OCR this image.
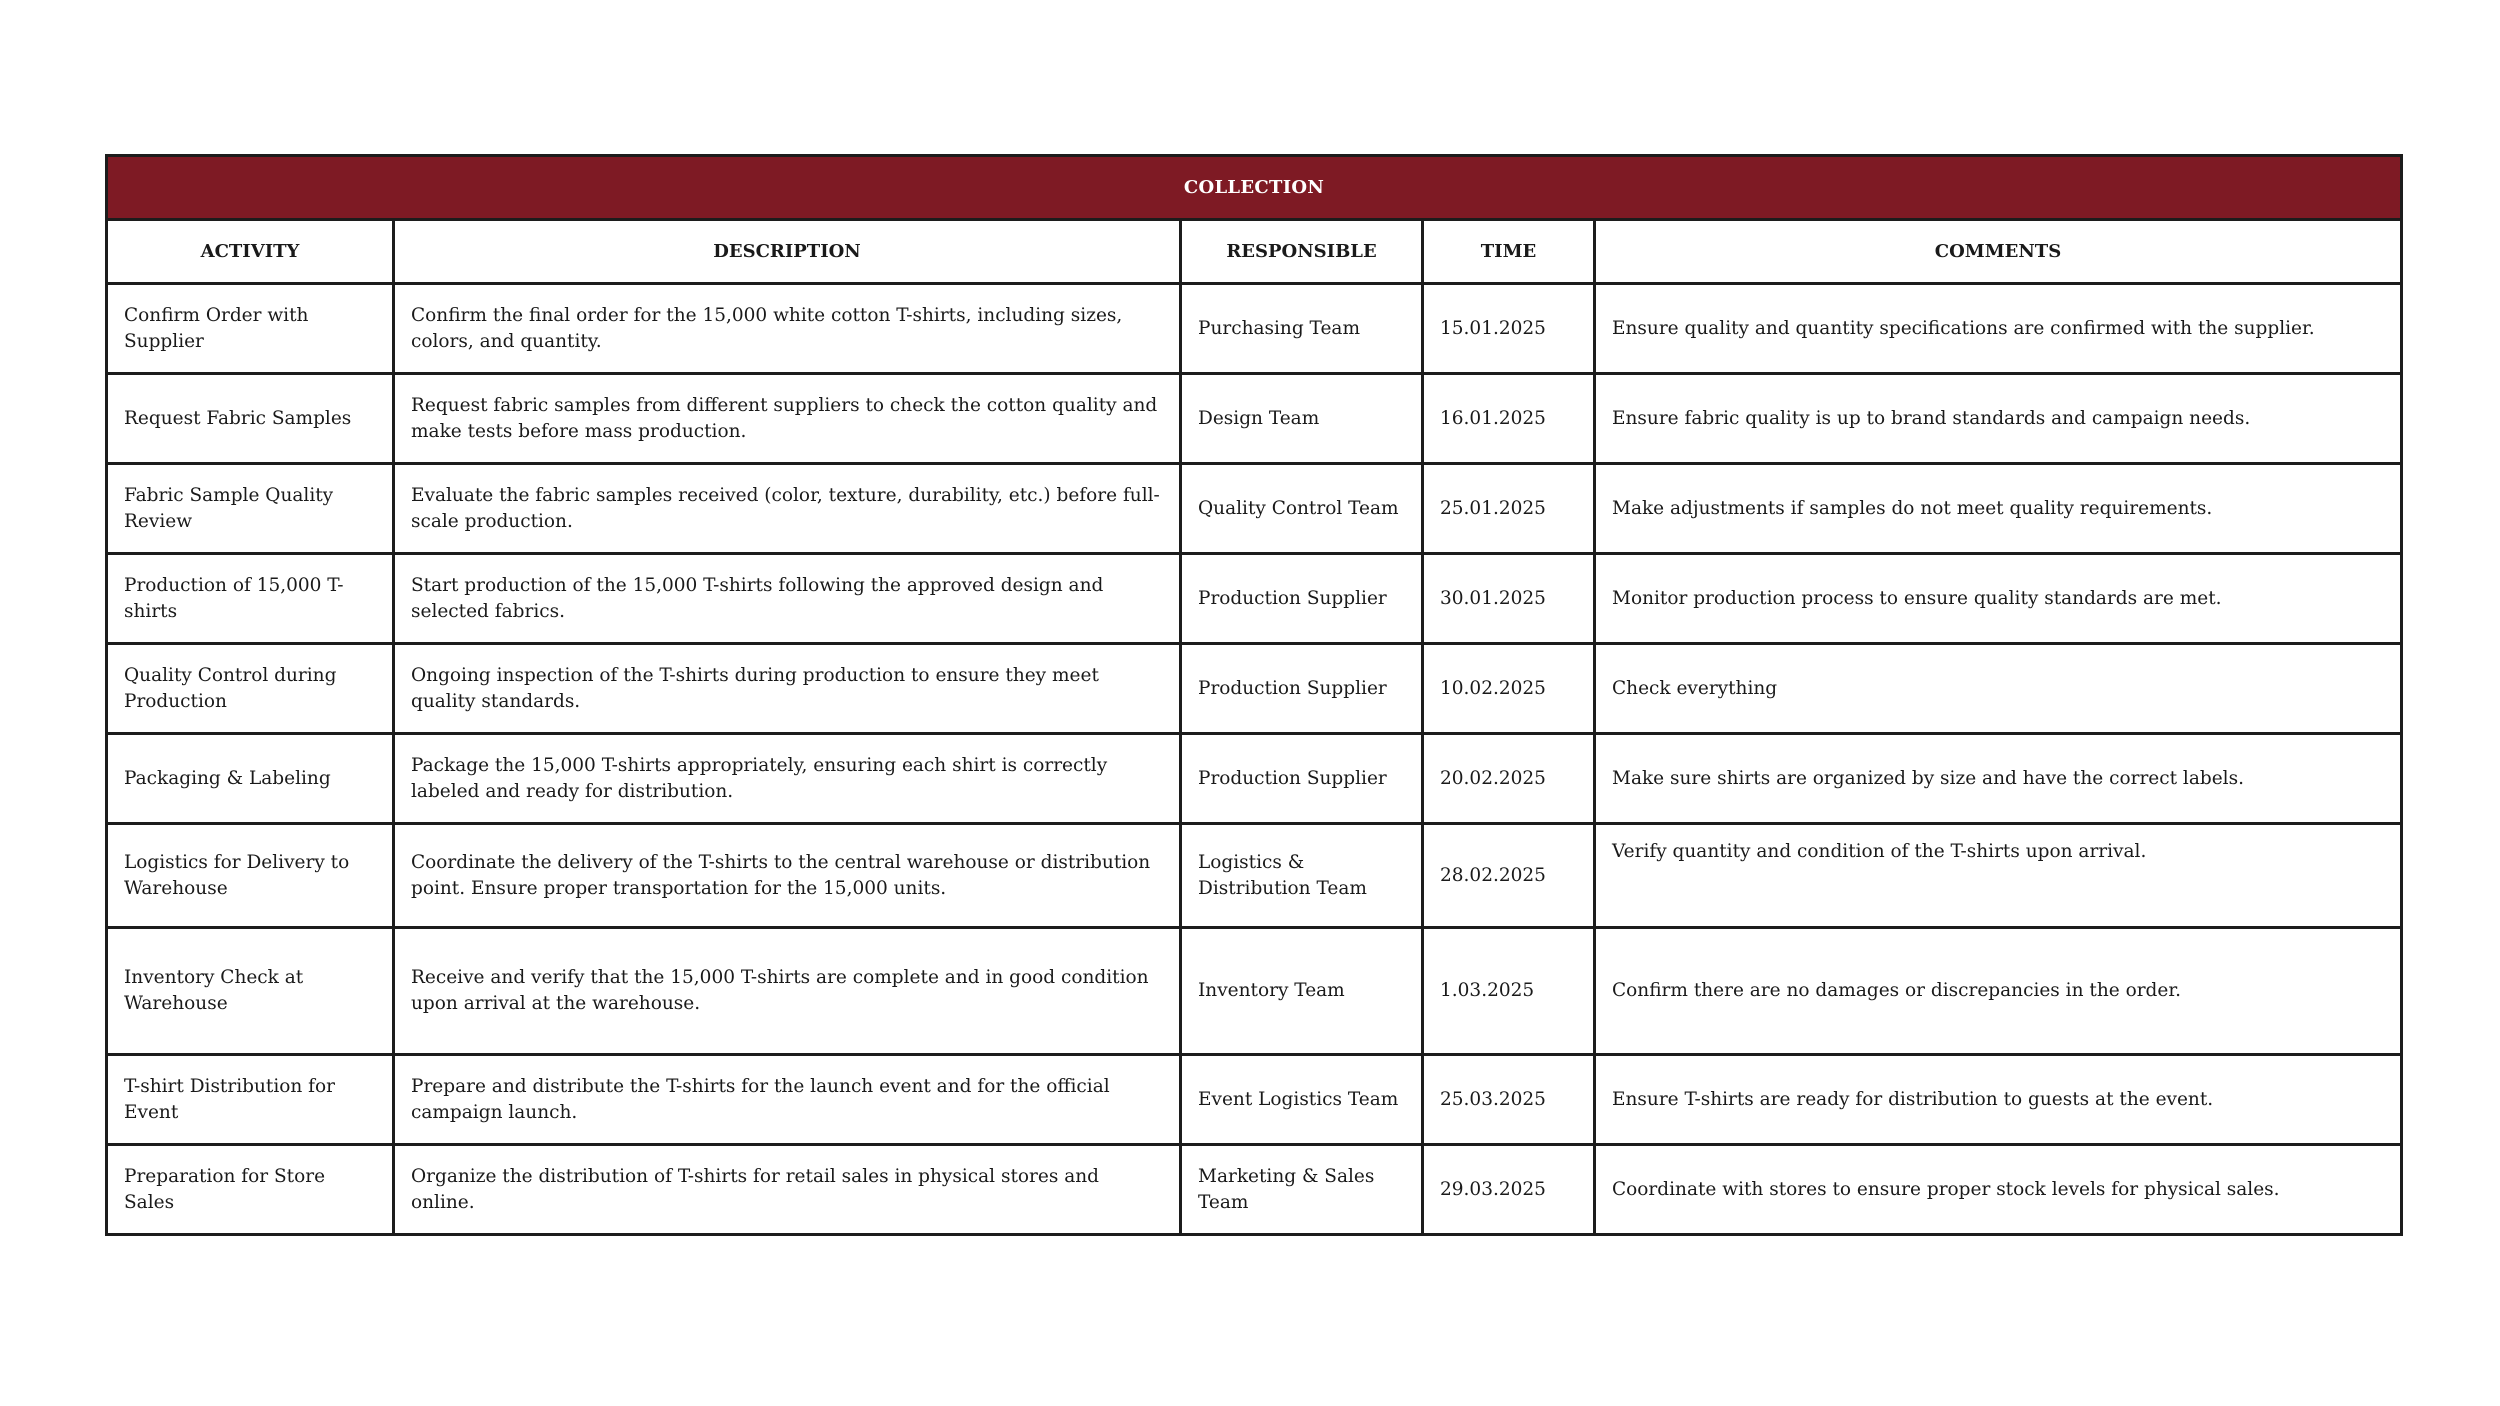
COLLECTION				
ACTIVITY	DESCRIPTION	RESPONSIBLE	TIME	COMMENTS
Confirm Order with Supplier	Confirm the final order for the 15,000 white cotton T-shirts, including sizes, colors, and quantity.	Purchasing Team	15.01.2025	Ensure quality and quantity specifications are confirmed with the supplier.
Request Fabric Samples	Request fabric samples from different suppliers to check the cotton quality and make tests before mass production.	Design Team	16.01.2025	Ensure fabric quality is up to brand standards and campaign needs.
Fabric Sample Quality Review	Evaluate the fabric samples received (color, texture, durability, etc.) before full-scale production.	Quality Control Team	25.01.2025	Make adjustments if samples do not meet quality requirements.
Production of 15,000 T-shirts	Start production of the 15,000 T-shirts following the approved design and selected fabrics.	Production Supplier	30.01.2025	Monitor production process to ensure quality standards are met.
Quality Control during Production	Ongoing inspection of the T-shirts during production to ensure they meet quality standards.	Production Supplier	10.02.2025	Check everything
Packaging & Labeling	Package the 15,000 T-shirts appropriately, ensuring each shirt is correctly labeled and ready for distribution.	Production Supplier	20.02.2025	Make sure shirts are organized by size and have the correct labels.
Logistics for Delivery to Warehouse	Coordinate the delivery of the T-shirts to the central warehouse or distribution point. Ensure proper transportation for the 15,000 units.	Logistics & Distribution Team	28.02.2025	Verify quantity and condition of the T-shirts upon arrival.
Inventory Check at Warehouse	Receive and verify that the 15,000 T-shirts are complete and in good condition upon arrival at the warehouse.	Inventory Team	1.03.2025	Confirm there are no damages or discrepancies in the order.
T-shirt Distribution for Event	Prepare and distribute the T-shirts for the launch event and for the official campaign launch.	Event Logistics Team	25.03.2025	Ensure T-shirts are ready for distribution to guests at the event.
Preparation for Store Sales	Organize the distribution of T-shirts for retail sales in physical stores and online.	Marketing & Sales Team	29.03.2025	Coordinate with stores to ensure proper stock levels for physical sales.
